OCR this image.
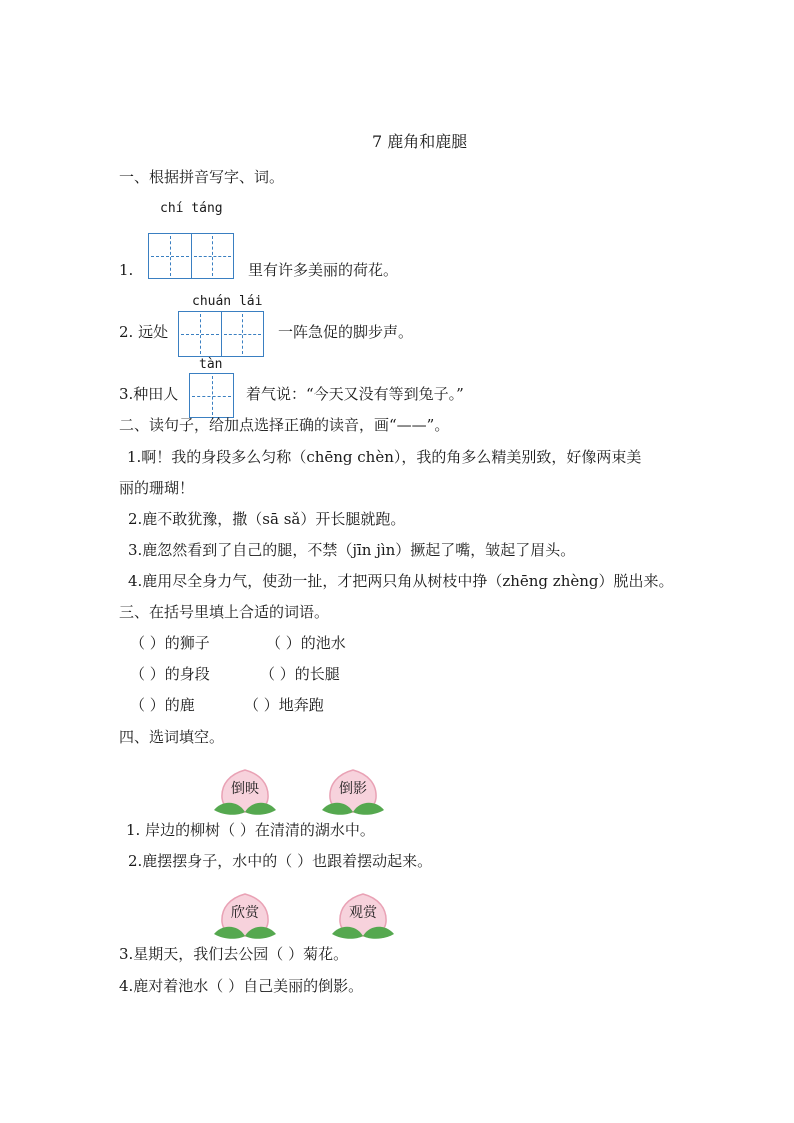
7 鹿角和鹿腿
一、根据拼音写字、词。
chí táng
1.	里有许多美丽的荷花。
chuán lái
2. 远处	一阵急促的脚步声。
tàn
3.种田人	着气说：“今天又没有等到兔子。”
二、读句子，给加点选择正确的读音，画“——”。
1.啊！我的身段多么匀称（chēng chèn），我的角多么精美别致，好像两束美
丽的珊瑚！
2.鹿不敢犹豫，撒（sā sǎ）开长腿就跑。
3.鹿忽然看到了自己的腿，不禁（jīn jìn）撅起了嘴，皱起了眉头。
4.鹿用尽全身力气，使劲一扯，才把两只角从树枝中挣（zhēng zhèng）脱出来。
三、在括号里填上合适的词语。
（ ）的狮子	（ ）的池水
（ ）的身段	（ ）的长腿
（ ）的鹿	（ ）地奔跑
四、选词填空。
倒映	倒影
1. 岸边的柳树（ ）在清清的湖水中。
2.鹿摆摆身子，水中的（ ）也跟着摆动起来。
欣赏	观赏
3.星期天，我们去公园（ ）菊花。
4.鹿对着池水（ ）自己美丽的倒影。
